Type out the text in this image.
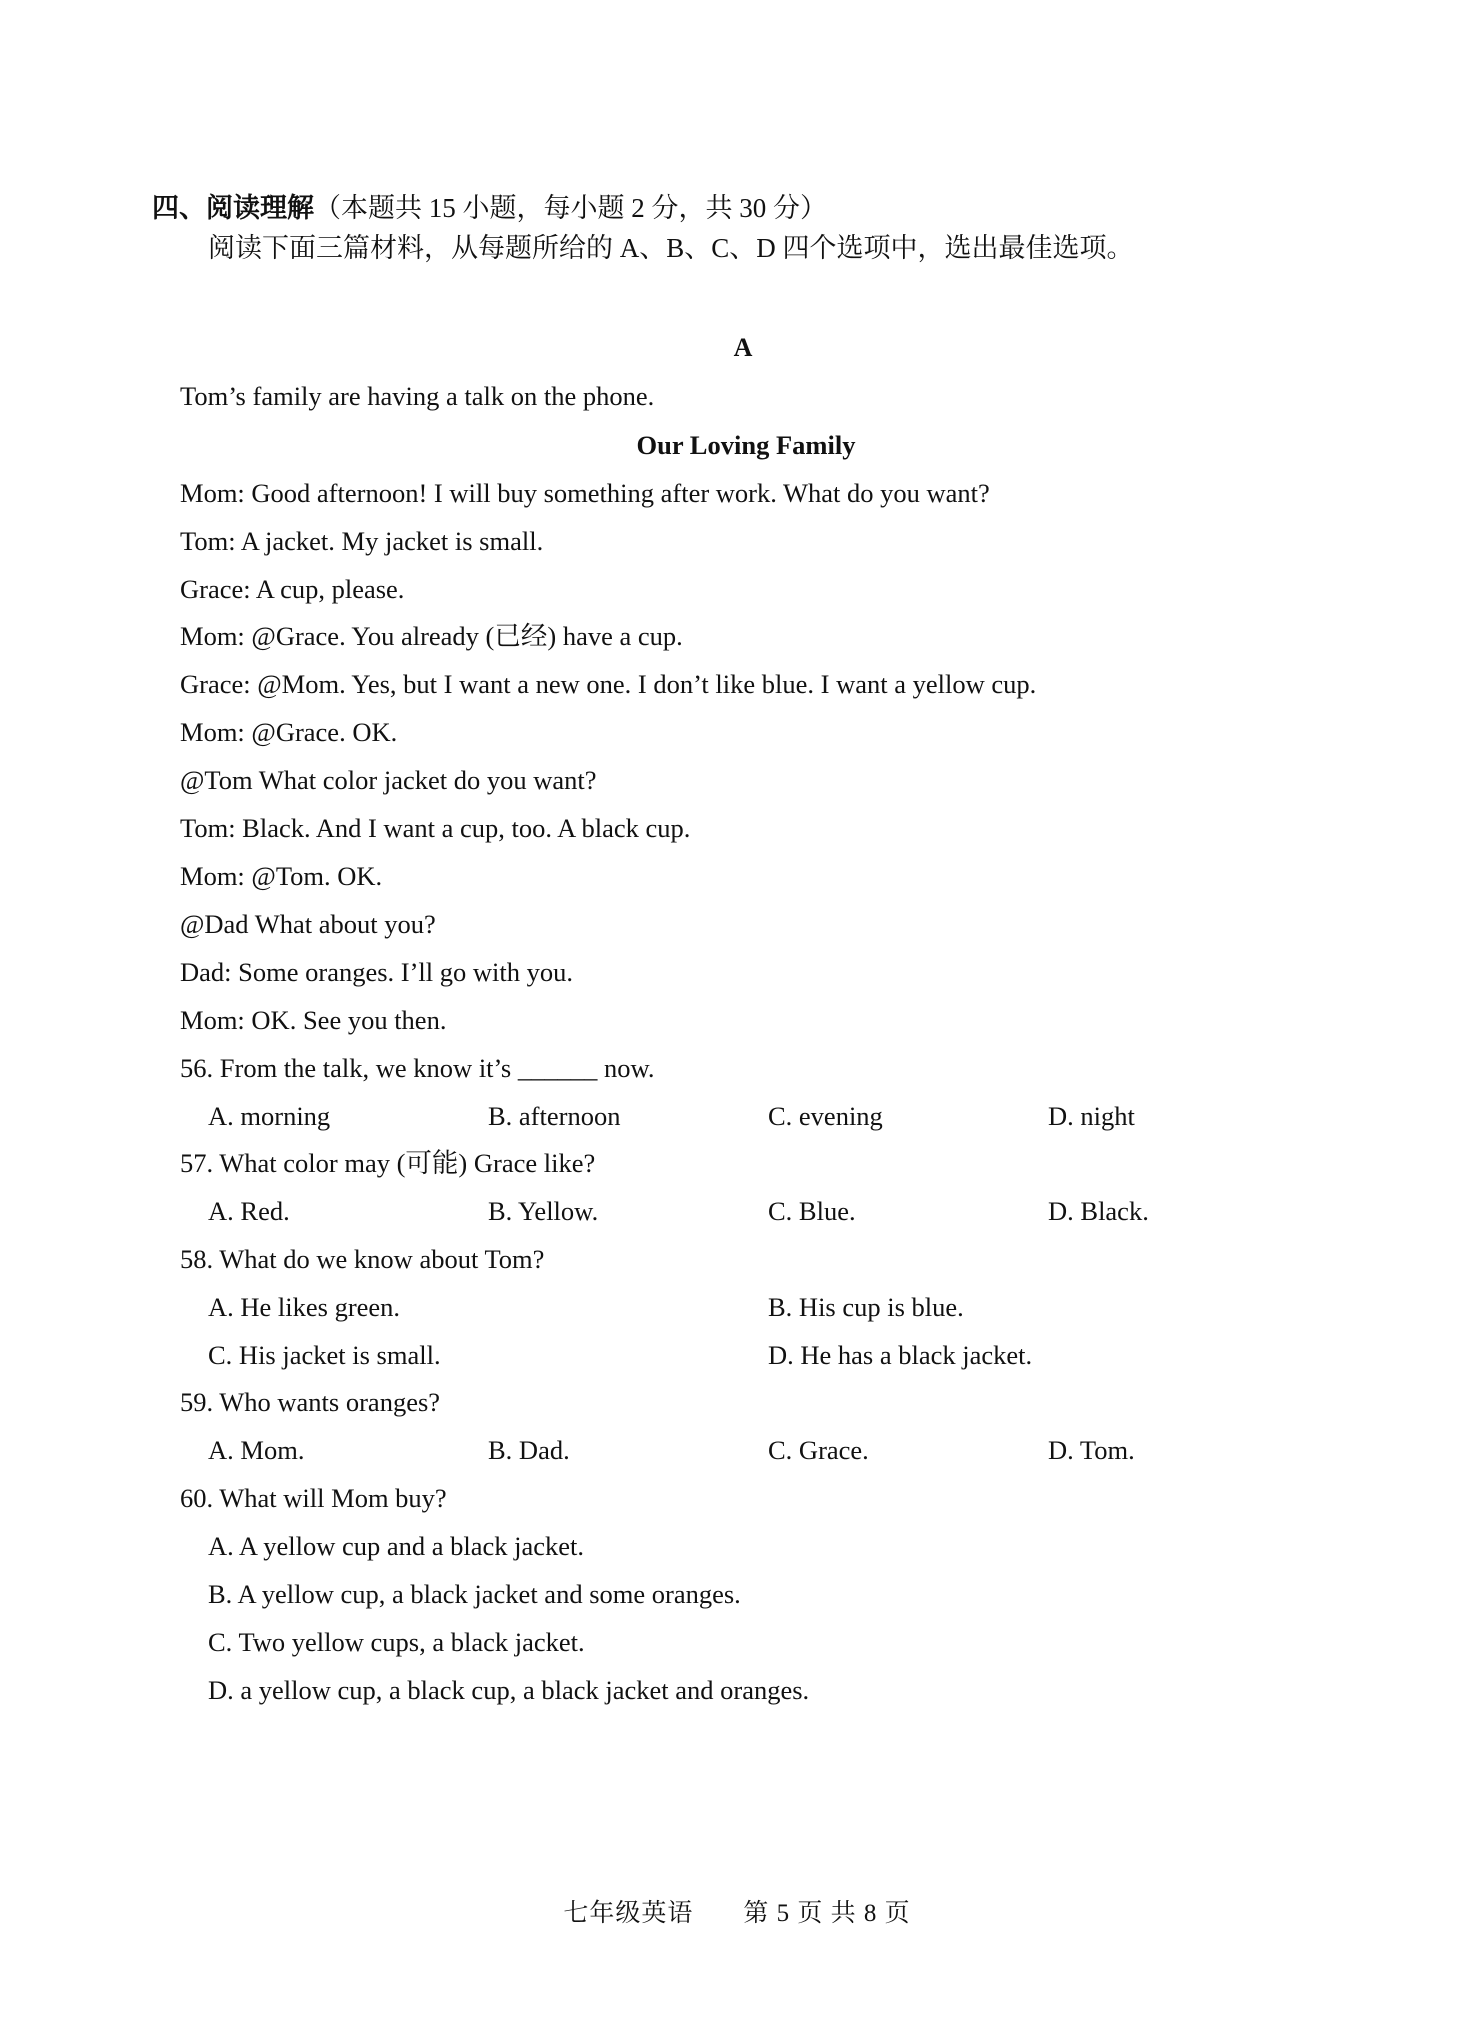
四、阅读理解（本题共 15 小题，每小题 2 分，共 30 分）
阅读下面三篇材料，从每题所给的 A、B、C、D 四个选项中，选出最佳选项。
A
Tom’s family are having a talk on the phone.
Our Loving Family
Mom: Good afternoon! I will buy something after work. What do you want?
Tom: A jacket. My jacket is small.
Grace: A cup, please.
Mom: @Grace. You already (已经) have a cup.
Grace: @Mom. Yes, but I want a new one. I don’t like blue. I want a yellow cup.
Mom: @Grace. OK.
@Tom What color jacket do you want?
Tom: Black. And I want a cup, too. A black cup.
Mom: @Tom. OK.
@Dad What about you?
Dad: Some oranges. I’ll go with you.
Mom: OK. See you then.
56. From the talk, we know it’s ______ now.
A. morning	B. afternoon	C. evening	D. night
57. What color may (可能) Grace like?
A. Red.	B. Yellow.	C. Blue.	D. Black.
58. What do we know about Tom?
A. He likes green.	B. His cup is blue.
C. His jacket is small.	D. He has a black jacket.
59. Who wants oranges?
A. Mom.	B. Dad.	C. Grace.	D. Tom.
60. What will Mom buy?
A. A yellow cup and a black jacket.
B. A yellow cup, a black jacket and some oranges.
C. Two yellow cups, a black jacket.
D. a yellow cup, a black cup, a black jacket and oranges.
七年级英语 第 5 页 共 8 页
